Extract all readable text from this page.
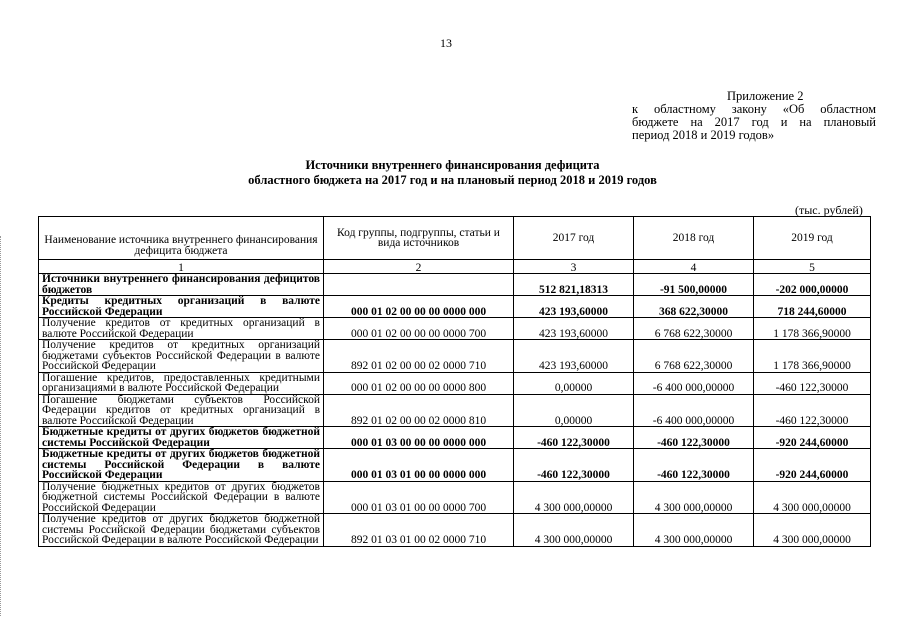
13
Приложение 2
к областному закону «Об областном
бюджете на 2017 год и на плановый
период 2018 и 2019 годов»
Источники внутреннего финансирования дефицита
областного бюджета на 2017 год и на плановый период 2018 и 2019 годов
(тыс. рублей)
Наименование источника внутреннего финансирования дефицита бюджета	Код группы, подгруппы, статьи и вида источников	2017 год	2018 год	2019 год
1	2	3	4	5
Источники внутреннего финансирования дефицитов бюджетов		512 821,18313	-91 500,00000	-202 000,00000
Кредиты кредитных организаций в валюте Российской Федерации	000 01 02 00 00 00 0000 000	423 193,60000	368 622,30000	718 244,60000
Получение кредитов от кредитных организаций в валюте Российской Федерации	000 01 02 00 00 00 0000 700	423 193,60000	6 768 622,30000	1 178 366,90000
Получение кредитов от кредитных организаций бюджетами субъектов Российской Федерации в валюте Российской Федерации	892 01 02 00 00 02 0000 710	423 193,60000	6 768 622,30000	1 178 366,90000
Погашение кредитов, предоставленных кредитными организациями в валюте Российской Федерации	000 01 02 00 00 00 0000 800	0,00000	-6 400 000,00000	-460 122,30000
Погашение бюджетами субъектов Российской Федерации кредитов от кредитных организаций в валюте Российской Федерации	892 01 02 00 00 02 0000 810	0,00000	-6 400 000,00000	-460 122,30000
Бюджетные кредиты от других бюджетов бюджетной системы Российской Федерации	000 01 03 00 00 00 0000 000	-460 122,30000	-460 122,30000	-920 244,60000
Бюджетные кредиты от других бюджетов бюджетной системы Российской Федерации в валюте Российской Федерации	000 01 03 01 00 00 0000 000	-460 122,30000	-460 122,30000	-920 244,60000
Получение бюджетных кредитов от других бюджетов бюджетной системы Российской Федерации в валюте Российской Федерации	000 01 03 01 00 00 0000 700	4 300 000,00000	4 300 000,00000	4 300 000,00000
Получение кредитов от других бюджетов бюджетной системы Российской Федерации бюджетами субъектов Российской Федерации в валюте Российской Федерации	892 01 03 01 00 02 0000 710	4 300 000,00000	4 300 000,00000	4 300 000,00000
